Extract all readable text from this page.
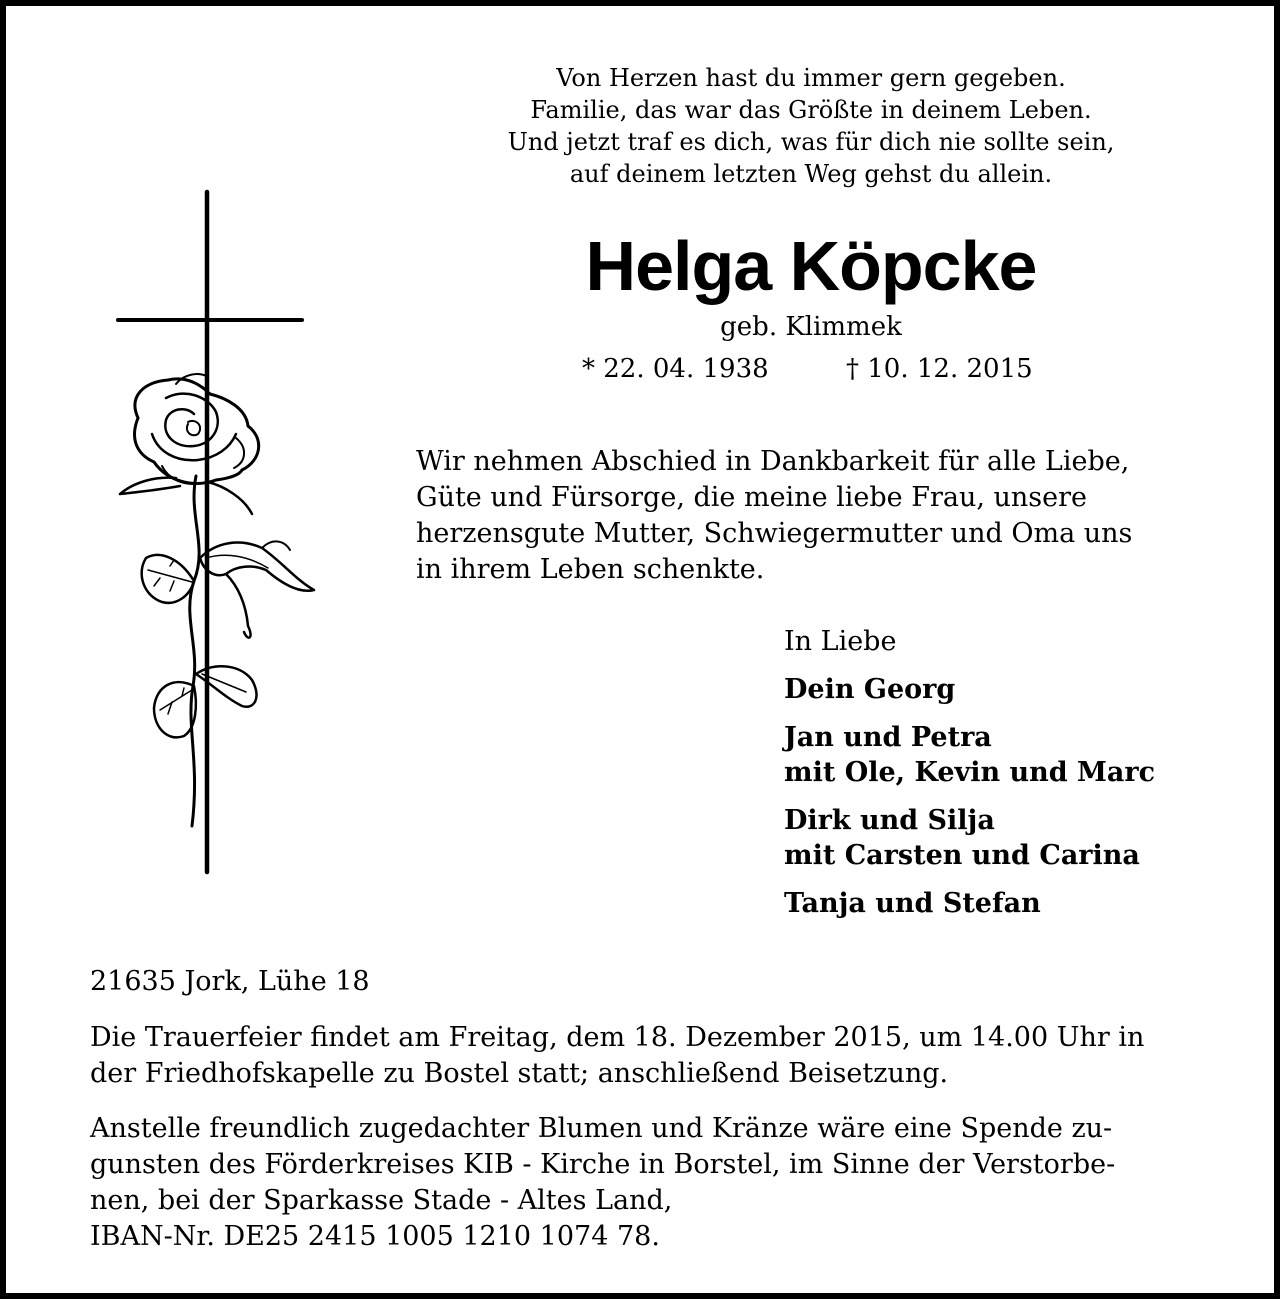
Von Herzen hast du immer gern gegeben.
Familie, das war das Größte in deinem Leben.
Und jetzt traf es dich, was für dich nie sollte sein,
auf deinem letzten Weg gehst du allein.
Helga Köpcke
geb. Klimmek
* 22. 04. 1938	† 10. 12. 2015
Wir nehmen Abschied in Dankbarkeit für alle Liebe,
Güte und Fürsorge, die meine liebe Frau, unsere
herzensgute Mutter, Schwiegermutter und Oma uns
in ihrem Leben schenkte.
In Liebe
Dein Georg
Jan und Petra
mit Ole, Kevin und Marc
Dirk und Silja
mit Carsten und Carina
Tanja und Stefan
21635 Jork, Lühe 18
Die Trauerfeier findet am Freitag, dem 18. Dezember 2015, um 14.00 Uhr in
der Friedhofskapelle zu Bostel statt; anschließend Beisetzung.
Anstelle freundlich zugedachter Blumen und Kränze wäre eine Spende zu-
gunsten des Förderkreises KIB - Kirche in Borstel, im Sinne der Verstorbe-
nen, bei der Sparkasse Stade - Altes Land,
IBAN-Nr. DE25 2415 1005 1210 1074 78.
